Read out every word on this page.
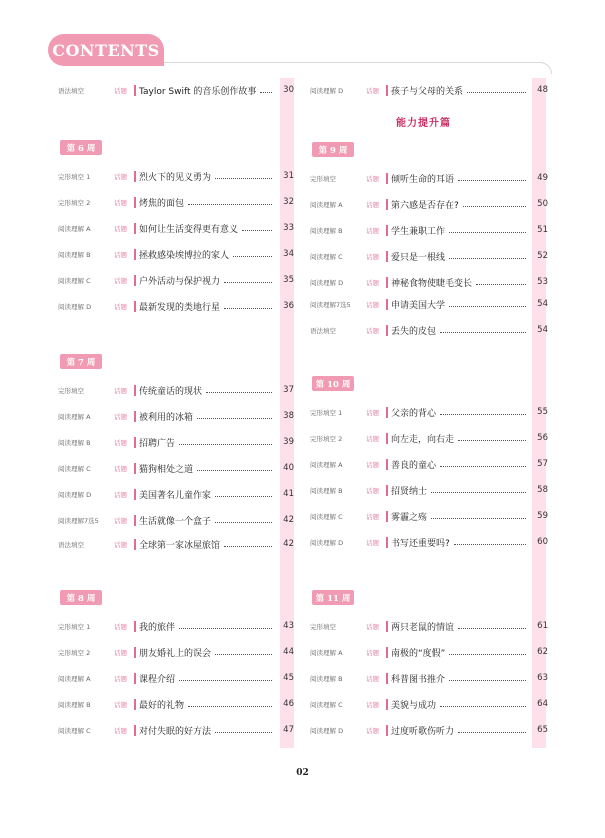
CONTENTS
语法填空	话题	Taylor Swift 的音乐创作故事	30
第 6 周
完形填空 1	话题	烈火下的见义勇为	31
完形填空 2	话题	烤焦的面包	32
阅读理解 A	话题	如何让生活变得更有意义	33
阅读理解 B	话题	拯救感染埃博拉的家人	34
阅读理解 C	话题	户外活动与保护视力	35
阅读理解 D	话题	最新发现的类地行星	36
第 7 周
完形填空	话题	传统童话的现状	37
阅读理解 A	话题	被利用的冰箱	38
阅读理解 B	话题	招聘广告	39
阅读理解 C	话题	猫狗相处之道	40
阅读理解 D	话题	美国著名儿童作家	41
阅读理解7选5	话题	生活就像一个盒子	42
语法填空	话题	全球第一家冰屋旅馆	42
第 8 周
完形填空 1	话题	我的旅伴	43
完形填空 2	话题	朋友婚礼上的误会	44
阅读理解 A	话题	课程介绍	45
阅读理解 B	话题	最好的礼物	46
阅读理解 C	话题	对付失眠的好方法	47
阅读理解 D	话题	孩子与父母的关系	48
能力提升篇
第 9 周
完形填空	话题	倾听生命的耳语	49
阅读理解 A	话题	第六感是否存在?	50
阅读理解 B	话题	学生兼职工作	51
阅读理解 C	话题	爱只是一根线	52
阅读理解 D	话题	神秘食物使睫毛变长	53
阅读理解7选5	话题	申请美国大学	54
语法填空	话题	丢失的皮包	54
第 10 周
完形填空 1	话题	父亲的背心	55
完形填空 2	话题	向左走，向右走	56
阅读理解 A	话题	善良的童心	57
阅读理解 B	话题	招贤纳士	58
阅读理解 C	话题	雾霾之殇	59
阅读理解 D	话题	书写还重要吗?	60
第 11 周
完形填空	话题	两只老鼠的情谊	61
阅读理解 A	话题	南极的“度假”	62
阅读理解 B	话题	科普图书推介	63
阅读理解 C	话题	美貌与成功	64
阅读理解 D	话题	过度听歌伤听力	65
02
